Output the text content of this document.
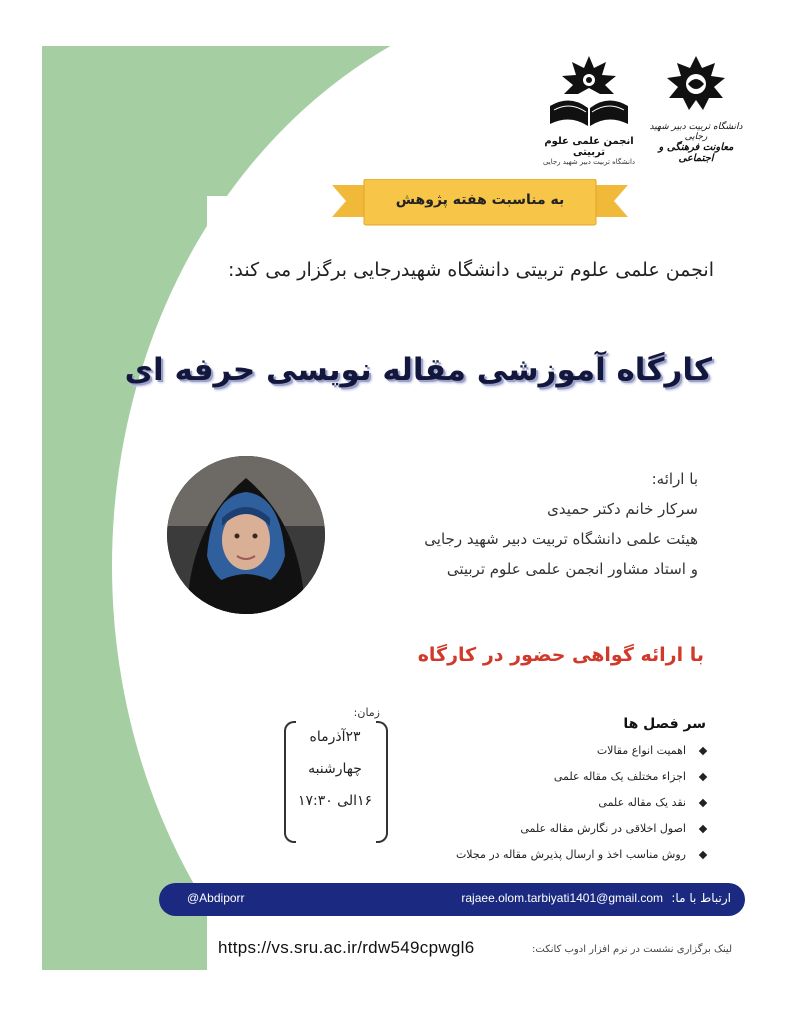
انجمن علمی علوم تربیتی
دانشگاه تربیت دبیر شهید رجایی
دانشگاه تربیت دبیر شهید رجایی
معاونت فرهنگی و اجتماعی
به مناسبت هفته پژوهش
انجمن علمی علوم تربیتی دانشگاه شهیدرجایی برگزار می کند:
کارگاه آموزشی مقاله نویسی حرفه ای
با ارائه:
سرکار خانم دکتر حمیدی
هیئت علمی دانشگاه تربیت دبیر شهید رجایی
و استاد مشاور انجمن علمی علوم تربیتی
با ارائه گواهی حضور در کارگاه
زمان:
۲۳آذرماه
چهارشنبه
۱۶الی ۱۷:۳۰
سر فصل ها
اهمیت انواع مقالات
اجزاء مختلف یک مقاله علمی
نقد یک مقاله علمی
اصول اخلاقی در نگارش مقاله علمی
روش مناسب اخذ و ارسال پذیرش مقاله در مجلات
ارتباط با ما:
rajaee.olom.tarbiyati1401@gmail.com
@Abdiporr
https://vs.sru.ac.ir/rdw549cpwgl6	لینک برگزاری نشست در نرم افزار ادوب کانکت:
